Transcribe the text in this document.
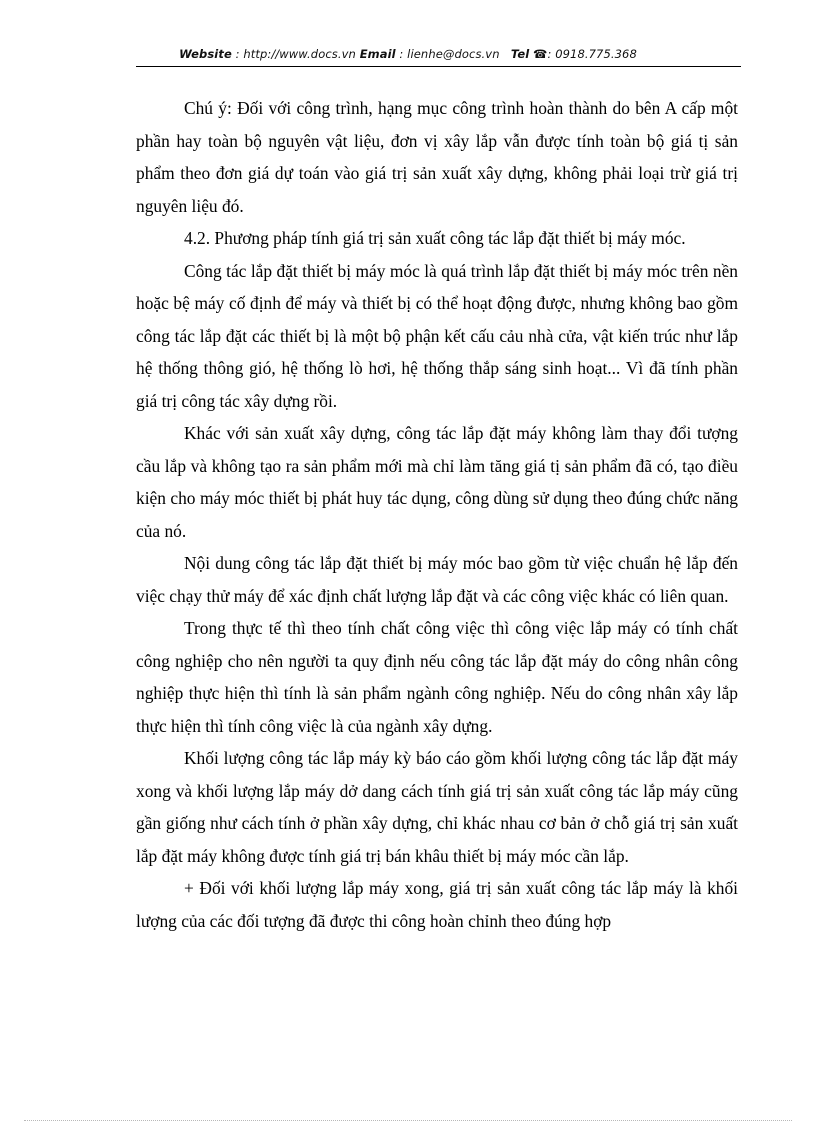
Website : http://www.docs.vn Email : lienhe@docs.vn Tel ☎: 0918.775.368

Chú ý: Đối với công trình, hạng mục công trình hoàn thành do bên A cấp một phần hay toàn bộ nguyên vật liệu, đơn vị xây lắp vẫn được tính toàn bộ giá tị sản phẩm theo đơn giá dự toán vào giá trị sản xuất xây dựng, không phải loại trừ giá trị nguyên liệu đó.

4.2. Phương pháp tính giá trị sản xuất công tác lắp đặt thiết bị máy móc.

Công tác lắp đặt thiết bị máy móc là quá trình lắp đặt thiết bị máy móc trên nền hoặc bệ máy cố định để máy và thiết bị có thể hoạt động được, nhưng không bao gồm công tác lắp đặt các thiết bị là một bộ phận kết cấu cảu nhà cửa, vật kiến trúc như lắp hệ thống thông gió, hệ thống lò hơi, hệ thống thắp sáng sinh hoạt... Vì đã tính phần giá trị công tác xây dựng rồi.

Khác với sản xuất xây dựng, công tác lắp đặt máy không làm thay đổi tượng cầu lắp và không tạo ra sản phẩm mới mà chỉ làm tăng giá tị sản phẩm đã có, tạo điều kiện cho máy móc thiết bị phát huy tác dụng, công dùng sử dụng theo đúng chức năng của nó.

Nội dung công tác lắp đặt thiết bị máy móc bao gồm từ việc chuẩn hệ lắp đến việc chạy thử máy để xác định chất lượng lắp đặt và các công việc khác có liên quan.

Trong thực tế thì theo tính chất công việc thì công việc lắp máy có tính chất công nghiệp cho nên người ta quy định nếu công tác lắp đặt máy do công nhân công nghiệp thực hiện thì tính là sản phẩm ngành công nghiệp. Nếu do công nhân xây lắp thực hiện thì tính công việc là của ngành xây dựng.

Khối lượng công tác lắp máy kỳ báo cáo gồm khối lượng công tác lắp đặt máy xong và khối lượng lắp máy dở dang cách tính giá trị sản xuất công tác lắp máy cũng gần giống như cách tính ở phần xây dựng, chỉ khác nhau cơ bản ở chỗ giá trị sản xuất lắp đặt máy không được tính giá trị bán khâu thiết bị máy móc cần lắp.

+ Đối với khối lượng lắp máy xong, giá trị sản xuất công tác lắp máy là khối lượng của các đối tượng đã được thi công hoàn chỉnh theo đúng hợp
